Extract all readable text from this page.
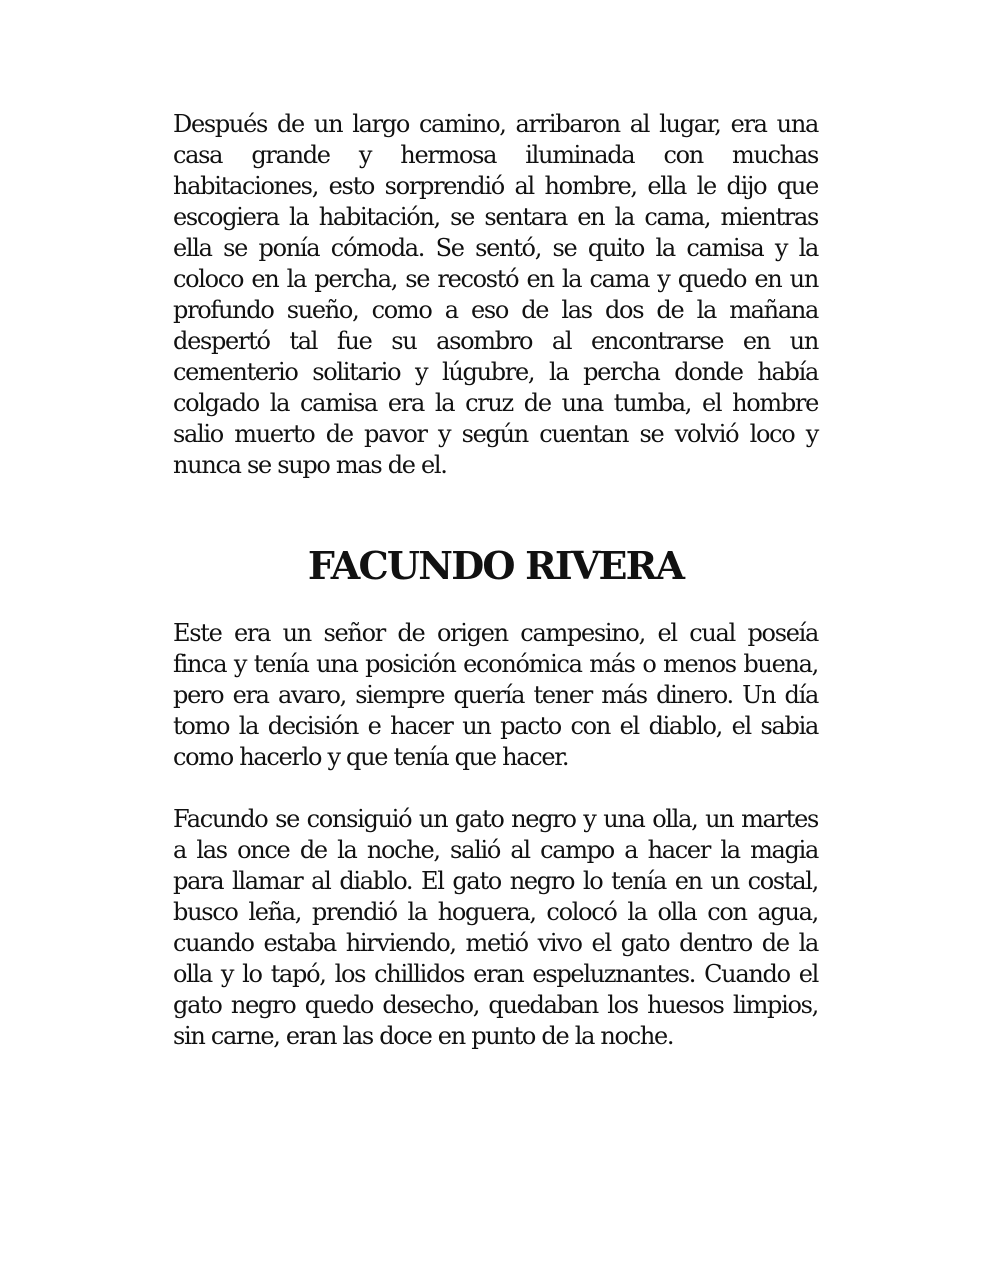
Después de un largo camino, arribaron al lugar, era una casa grande y hermosa iluminada con muchas habitaciones, esto sorprendió al hombre, ella le dijo que escogiera la habitación, se sentara en la cama, mientras ella se ponía cómoda. Se sentó, se quito la camisa y la coloco en la percha, se recostó en la cama y quedo en un profundo sueño, como a eso de las dos de la mañana despertó tal fue su asombro al encontrarse en un cementerio solitario y lúgubre, la percha donde había colgado la camisa era la cruz de una tumba, el hombre salio muerto de pavor y según cuentan se volvió loco y nunca se supo mas de el.

FACUNDO RIVERA

Este era un señor de origen campesino, el cual poseía finca y tenía una posición económica más o menos buena, pero era avaro, siempre quería tener más dinero. Un día tomo la decisión e hacer un pacto con el diablo, el sabia como hacerlo y que tenía que hacer.

Facundo se consiguió un gato negro y una olla, un martes a las once de la noche, salió al campo a hacer la magia para llamar al diablo. El gato negro lo tenía en un costal, busco leña, prendió la hoguera, colocó la olla con agua, cuando estaba hirviendo, metió vivo el gato dentro de la olla y lo tapó, los chillidos eran espeluznantes. Cuando el gato negro quedo desecho, quedaban los huesos limpios, sin carne, eran las doce en punto de la noche.
